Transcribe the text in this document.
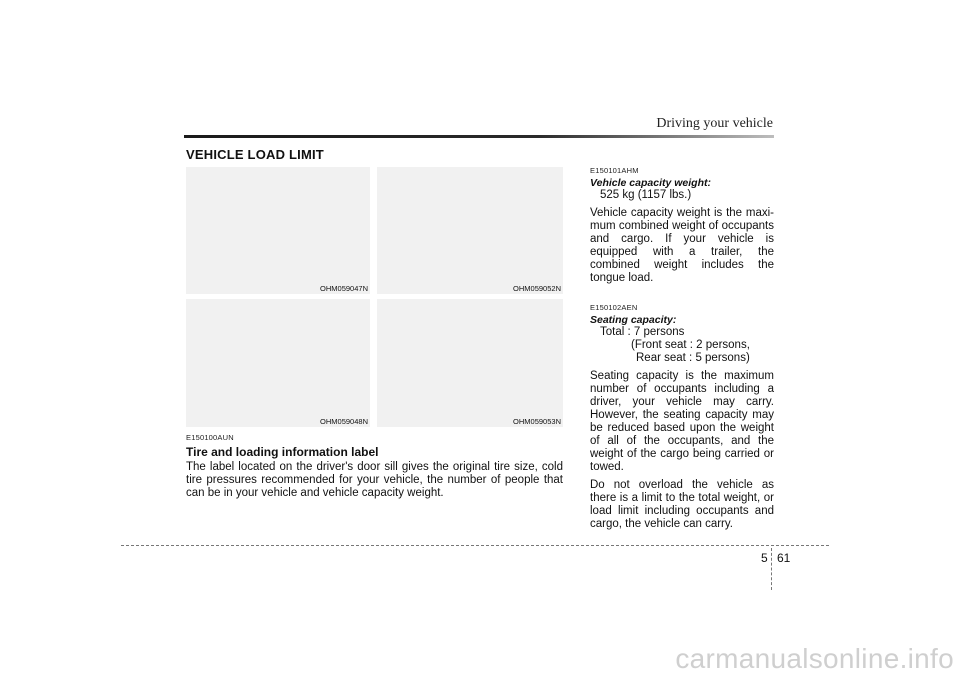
Driving your vehicle
VEHICLE LOAD LIMIT
OHM059047N	OHM059052N
OHM059048N	OHM059053N
E150100AUN
Tire and loading information label
The label located on the driver's door sill gives the original tire size, cold tire pressures recommended for your vehicle, the number of people that can be in your vehicle and vehicle capacity weight.
E150101AHM
Vehicle capacity weight:
525 kg (1157 lbs.)
Vehicle capacity weight is the maxi-mum combined weight of occupants and cargo. If your vehicle is equipped with a trailer, the combined weight includes the tongue load.
E150102AEN
Seating capacity:
Total : 7 persons
(Front seat : 2 persons,
Rear seat : 5 persons)
Seating capacity is the maximum number of occupants including a driver, your vehicle may carry. However, the seating capacity may be reduced based upon the weight of all of the occupants, and the weight of the cargo being carried or towed.
Do not overload the vehicle as there is a limit to the total weight, or load limit including occupants and cargo, the vehicle can carry.
5 61
carmanualsonline.info
